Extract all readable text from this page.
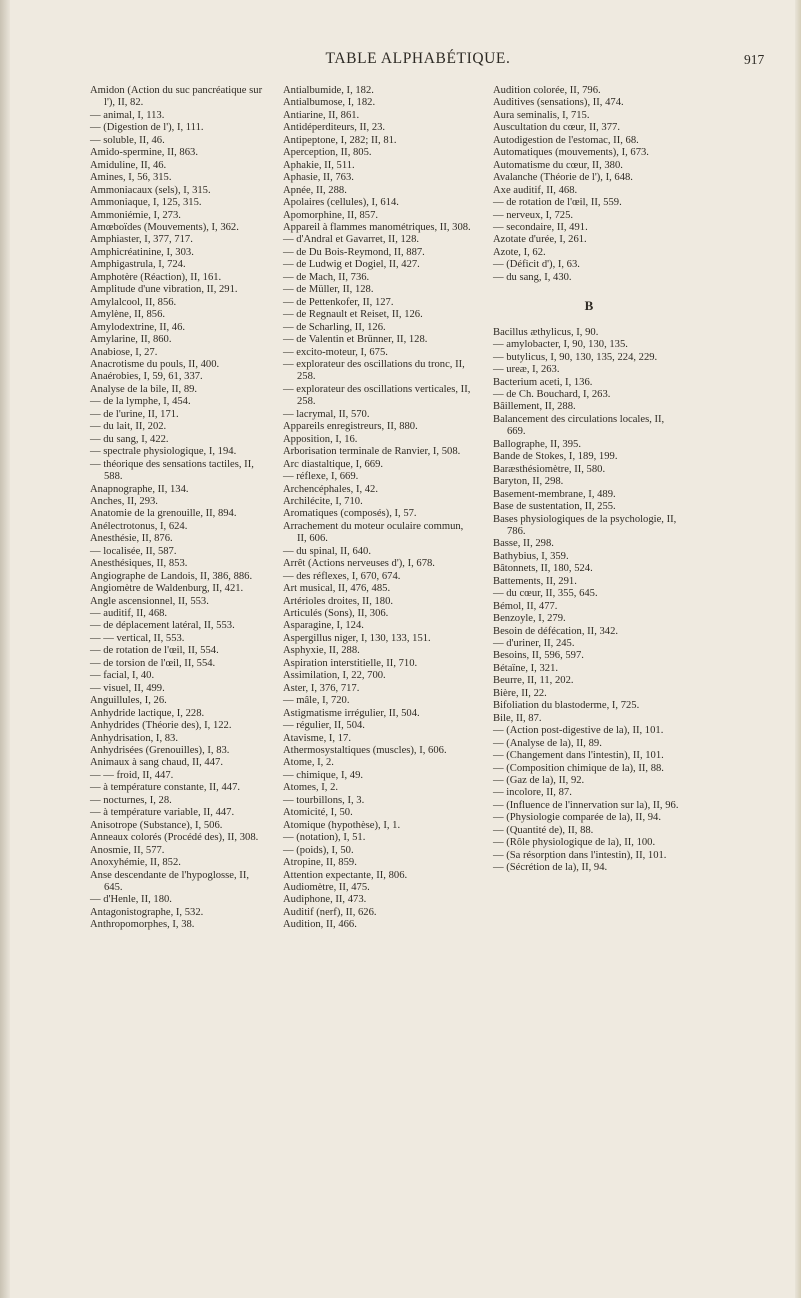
TABLE ALPHABÉTIQUE.	917

Amidon (Action du suc pancréatique sur l'), II, 82.

— animal, I, 113.

— (Digestion de l'), I, 111.

— soluble, II, 46.

Amido-spermine, II, 863.

Amiduline, II, 46.

Amines, I, 56, 315.

Ammoniacaux (sels), I, 315.

Ammoniaque, I, 125, 315.

Ammoniémie, I, 273.

Amœboïdes (Mouvements), I, 362.

Amphiaster, I, 377, 717.

Amphicréatinine, I, 303.

Amphigastrula, I, 724.

Amphotère (Réaction), II, 161.

Amplitude d'une vibration, II, 291.

Amylalcool, II, 856.

Amylène, II, 856.

Amylodextrine, II, 46.

Amylarine, II, 860.

Anabiose, I, 27.

Anacrotisme du pouls, II, 400.

Anaérobies, I, 59, 61, 337.

Analyse de la bile, II, 89.

— de la lymphe, I, 454.

— de l'urine, II, 171.

— du lait, II, 202.

— du sang, I, 422.

— spectrale physiologique, I, 194.

— théorique des sensations tactiles, II, 588.

Anapnographe, II, 134.

Anches, II, 293.

Anatomie de la grenouille, II, 894.

Anélectrotonus, I, 624.

Anesthésie, II, 876.

— localisée, II, 587.

Anesthésiques, II, 853.

Angiographe de Landois, II, 386, 886.

Angiomètre de Waldenburg, II, 421.

Angle ascensionnel, II, 553.

— auditif, II, 468.

— de déplacement latéral, II, 553.

— — vertical, II, 553.

— de rotation de l'œil, II, 554.

— de torsion de l'œil, II, 554.

— facial, I, 40.

— visuel, II, 499.

Anguillules, I, 26.

Anhydride lactique, I, 228.

Anhydrides (Théorie des), I, 122.

Anhydrisation, I, 83.

Anhydrisées (Grenouilles), I, 83.

Animaux à sang chaud, II, 447.

— — froid, II, 447.

— à température constante, II, 447.

— nocturnes, I, 28.

— à température variable, II, 447.

Anisotrope (Substance), I, 506.

Anneaux colorés (Procédé des), II, 308.

Anosmie, II, 577.

Anoxyhémie, II, 852.

Anse descendante de l'hypoglosse, II, 645.

— d'Henle, II, 180.

Antagonistographe, I, 532.

Anthropomorphes, I, 38.

Antialbumide, I, 182.

Antialbumose, I, 182.

Antiarine, II, 861.

Antidéperditeurs, II, 23.

Antipeptone, I, 282; II, 81.

Aperception, II, 805.

Aphakie, II, 511.

Aphasie, II, 763.

Apnée, II, 288.

Apolaires (cellules), I, 614.

Apomorphine, II, 857.

Appareil à flammes manométriques, II, 308.

— d'Andral et Gavarret, II, 128.

— de Du Bois-Reymond, II, 887.

— de Ludwig et Dogiel, II, 427.

— de Mach, II, 736.

— de Müller, II, 128.

— de Pettenkofer, II, 127.

— de Regnault et Reiset, II, 126.

— de Scharling, II, 126.

— de Valentin et Brünner, II, 128.

— excito-moteur, I, 675.

— explorateur des oscillations du tronc, II, 258.

— explorateur des oscillations verticales, II, 258.

— lacrymal, II, 570.

Appareils enregistreurs, II, 880.

Apposition, I, 16.

Arborisation terminale de Ranvier, I, 508.

Arc diastaltique, I, 669.

— réflexe, I, 669.

Archencéphales, I, 42.

Archilécite, I, 710.

Aromatiques (composés), I, 57.

Arrachement du moteur oculaire commun, II, 606.

— du spinal, II, 640.

Arrêt (Actions nerveuses d'), I, 678.

— des réflexes, I, 670, 674.

Art musical, II, 476, 485.

Artérioles droites, II, 180.

Articulés (Sons), II, 306.

Asparagine, I, 124.

Aspergillus niger, I, 130, 133, 151.

Asphyxie, II, 288.

Aspiration interstitielle, II, 710.

Assimilation, I, 22, 700.

Aster, I, 376, 717.

— mâle, I, 720.

Astigmatisme irrégulier, II, 504.

— régulier, II, 504.

Atavisme, I, 17.

Athermosystaltiques (muscles), I, 606.

Atome, I, 2.

— chimique, I, 49.

Atomes, I, 2.

— tourbillons, I, 3.

Atomicité, I, 50.

Atomique (hypothèse), I, 1.

— (notation), I, 51.

— (poids), I, 50.

Atropine, II, 859.

Attention expectante, II, 806.

Audiomètre, II, 475.

Audiphone, II, 473.

Auditif (nerf), II, 626.

Audition, II, 466.

Audition colorée, II, 796.

Auditives (sensations), II, 474.

Aura seminalis, I, 715.

Auscultation du cœur, II, 377.

Autodigestion de l'estomac, II, 68.

Automatiques (mouvements), I, 673.

Automatisme du cœur, II, 380.

Avalanche (Théorie de l'), I, 648.

Axe auditif, II, 468.

— de rotation de l'œil, II, 559.

— nerveux, I, 725.

— secondaire, II, 491.

Azotate d'urée, I, 261.

Azote, I, 62.

— (Déficit d'), I, 63.

— du sang, I, 430.

B

Bacillus æthylicus, I, 90.

— amylobacter, I, 90, 130, 135.

— butylicus, I, 90, 130, 135, 224, 229.

— ureæ, I, 263.

Bacterium aceti, I, 136.

— de Ch. Bouchard, I, 263.

Bâillement, II, 288.

Balancement des circulations locales, II, 669.

Ballographe, II, 395.

Bande de Stokes, I, 189, 199.

Baræsthésiomètre, II, 580.

Baryton, II, 298.

Basement-membrane, I, 489.

Base de sustentation, II, 255.

Bases physiologiques de la psychologie, II, 786.

Basse, II, 298.

Bathybius, I, 359.

Bâtonnets, II, 180, 524.

Battements, II, 291.

— du cœur, II, 355, 645.

Bémol, II, 477.

Benzoyle, I, 279.

Besoin de défécation, II, 342.

— d'uriner, II, 245.

Besoins, II, 596, 597.

Bétaïne, I, 321.

Beurre, II, 11, 202.

Bière, II, 22.

Bifoliation du blastoderme, I, 725.

Bile, II, 87.

— (Action post-digestive de la), II, 101.

— (Analyse de la), II, 89.

— (Changement dans l'intestin), II, 101.

— (Composition chimique de la), II, 88.

— (Gaz de la), II, 92.

— incolore, II, 87.

— (Influence de l'innervation sur la), II, 96.

— (Physiologie comparée de la), II, 94.

— (Quantité de), II, 88.

— (Rôle physiologique de la), II, 100.

— (Sa résorption dans l'intestin), II, 101.

— (Sécrétion de la), II, 94.
